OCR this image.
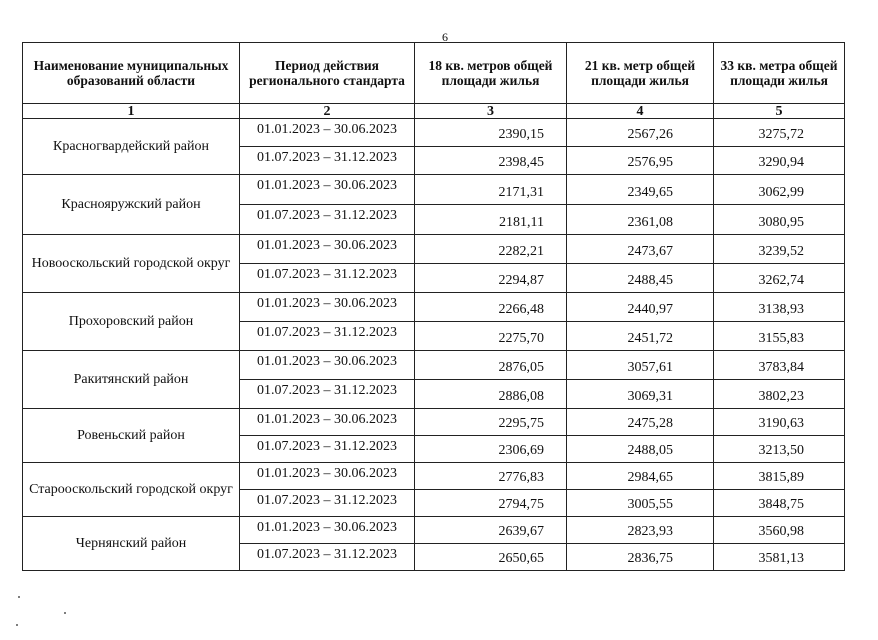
6
Наименование муниципальных образований области	Период действия регионального стандарта	18 кв. метров общей площади жилья	21 кв. метр общей площади жилья	33 кв. метра общей площади жилья
1	2	3	4	5
Красногвардейский район	01.01.2023 – 30.06.2023	2390,15	2567,26	3275,72
	01.07.2023 – 31.12.2023	2398,45	2576,95	3290,94
Краснояружский район	01.01.2023 – 30.06.2023	2171,31	2349,65	3062,99
	01.07.2023 – 31.12.2023	2181,11	2361,08	3080,95
Новооскольский городской округ	01.01.2023 – 30.06.2023	2282,21	2473,67	3239,52
	01.07.2023 – 31.12.2023	2294,87	2488,45	3262,74
Прохоровский район	01.01.2023 – 30.06.2023	2266,48	2440,97	3138,93
	01.07.2023 – 31.12.2023	2275,70	2451,72	3155,83
Ракитянский район	01.01.2023 – 30.06.2023	2876,05	3057,61	3783,84
	01.07.2023 – 31.12.2023	2886,08	3069,31	3802,23
Ровеньский район	01.01.2023 – 30.06.2023	2295,75	2475,28	3190,63
	01.07.2023 – 31.12.2023	2306,69	2488,05	3213,50
Старооскольский городской округ	01.01.2023 – 30.06.2023	2776,83	2984,65	3815,89
	01.07.2023 – 31.12.2023	2794,75	3005,55	3848,75
Чернянский район	01.01.2023 – 30.06.2023	2639,67	2823,93	3560,98
	01.07.2023 – 31.12.2023	2650,65	2836,75	3581,13
